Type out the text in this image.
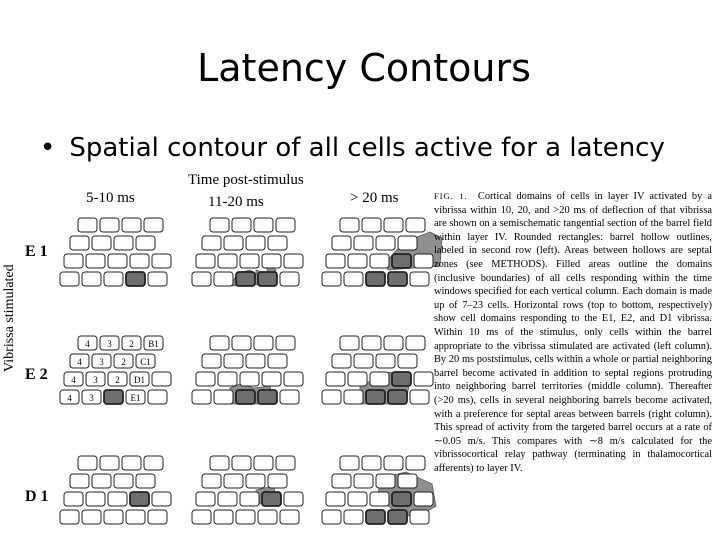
Latency Contours
• Spatial contour of all cells active for a latency
Time post-stimulus
5-10 ms	11-20 ms	> 20 ms
E 1
E 2
D 1
Vibrissa stimulated	4 3 2 B1
4 3 2 C1
4 3 2 D1
4 3	E1
FIG. 1. Cortical domains of cells in layer IV activated by a vibrissa within 10, 20, and >20 ms of deflection of that vibrissa are shown on a semischematic tangential section of the barrel field within layer IV. Rounded rectangles: barrel hollow outlines, labeled in second row (left). Areas between hollows are septal zones (see METHODS). Filled areas outline the domains (inclusive boundaries) of all cells responding within the time windows specified for each vertical column. Each domain is made up of 7–23 cells. Horizontal rows (top to bottom, respectively) show cell domains responding to the E1, E2, and D1 vibrissa. Within 10 ms of the stimulus, only cells within the barrel appropriate to the vibrissa stimulated are activated (left column). By 20 ms poststimulus, cells within a whole or partial neighboring barrel become activated in addition to septal regions protruding into neighboring barrel territories (middle column). Thereafter (>20 ms), cells in several neighboring barrels become activated, with a preference for septal areas between barrels (right column). This spread of activity from the targeted barrel occurs at a rate of ∼0.05 m/s. This compares with ∼8 m/s calculated for the vibrissocortical relay pathway (terminating in thalamocortical afferents) to layer IV.
